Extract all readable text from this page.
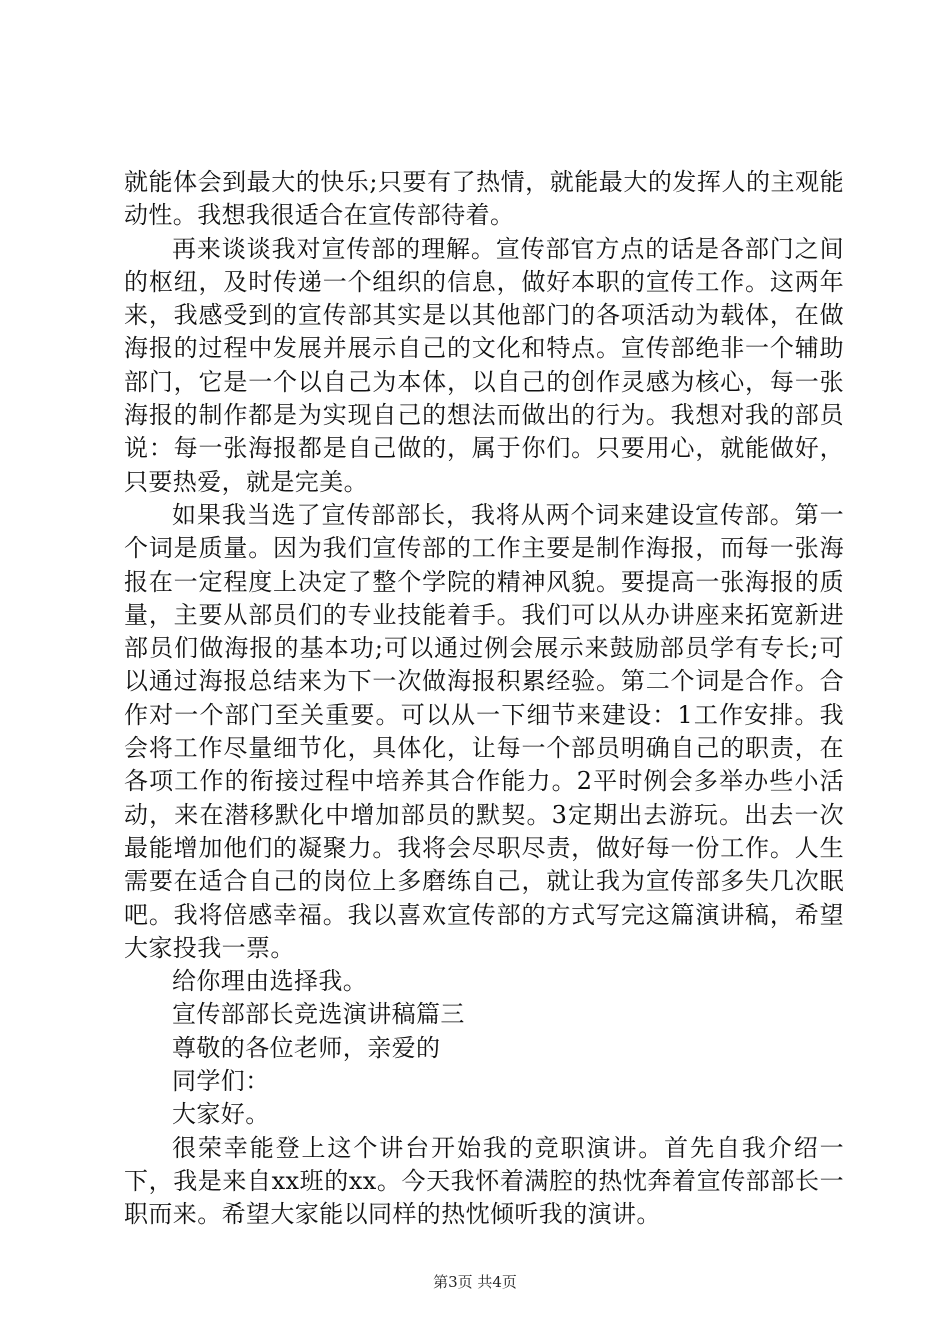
就能体会到最大的快乐;只要有了热情，就能最大的发挥人的主观能动性。我想我很适合在宣传部待着。

再来谈谈我对宣传部的理解。宣传部官方点的话是各部门之间的枢纽，及时传递一个组织的信息，做好本职的宣传工作。这两年来，我感受到的宣传部其实是以其他部门的各项活动为载体，在做海报的过程中发展并展示自己的文化和特点。宣传部绝非一个辅助部门，它是一个以自己为本体，以自己的创作灵感为核心，每一张海报的制作都是为实现自己的想法而做出的行为。我想对我的部员说：每一张海报都是自己做的，属于你们。只要用心，就能做好，只要热爱，就是完美。

如果我当选了宣传部部长，我将从两个词来建设宣传部。第一个词是质量。因为我们宣传部的工作主要是制作海报，而每一张海报在一定程度上决定了整个学院的精神风貌。要提高一张海报的质量，主要从部员们的专业技能着手。我们可以从办讲座来拓宽新进部员们做海报的基本功;可以通过例会展示来鼓励部员学有专长;可以通过海报总结来为下一次做海报积累经验。第二个词是合作。合作对一个部门至关重要。可以从一下细节来建设：1工作安排。我会将工作尽量细节化，具体化，让每一个部员明确自己的职责，在各项工作的衔接过程中培养其合作能力。2平时例会多举办些小活动，来在潜移默化中增加部员的默契。3定期出去游玩。出去一次最能增加他们的凝聚力。我将会尽职尽责，做好每一份工作。人生需要在适合自己的岗位上多磨练自己，就让我为宣传部多失几次眠吧。我将倍感幸福。我以喜欢宣传部的方式写完这篇演讲稿，希望大家投我一票。

给你理由选择我。

宣传部部长竞选演讲稿篇三

尊敬的各位老师，亲爱的

同学们：

大家好。

很荣幸能登上这个讲台开始我的竞职演讲。首先自我介绍一下，我是来自xx班的xx。今天我怀着满腔的热忱奔着宣传部部长一职而来。希望大家能以同样的热忱倾听我的演讲。

第3页 共4页
